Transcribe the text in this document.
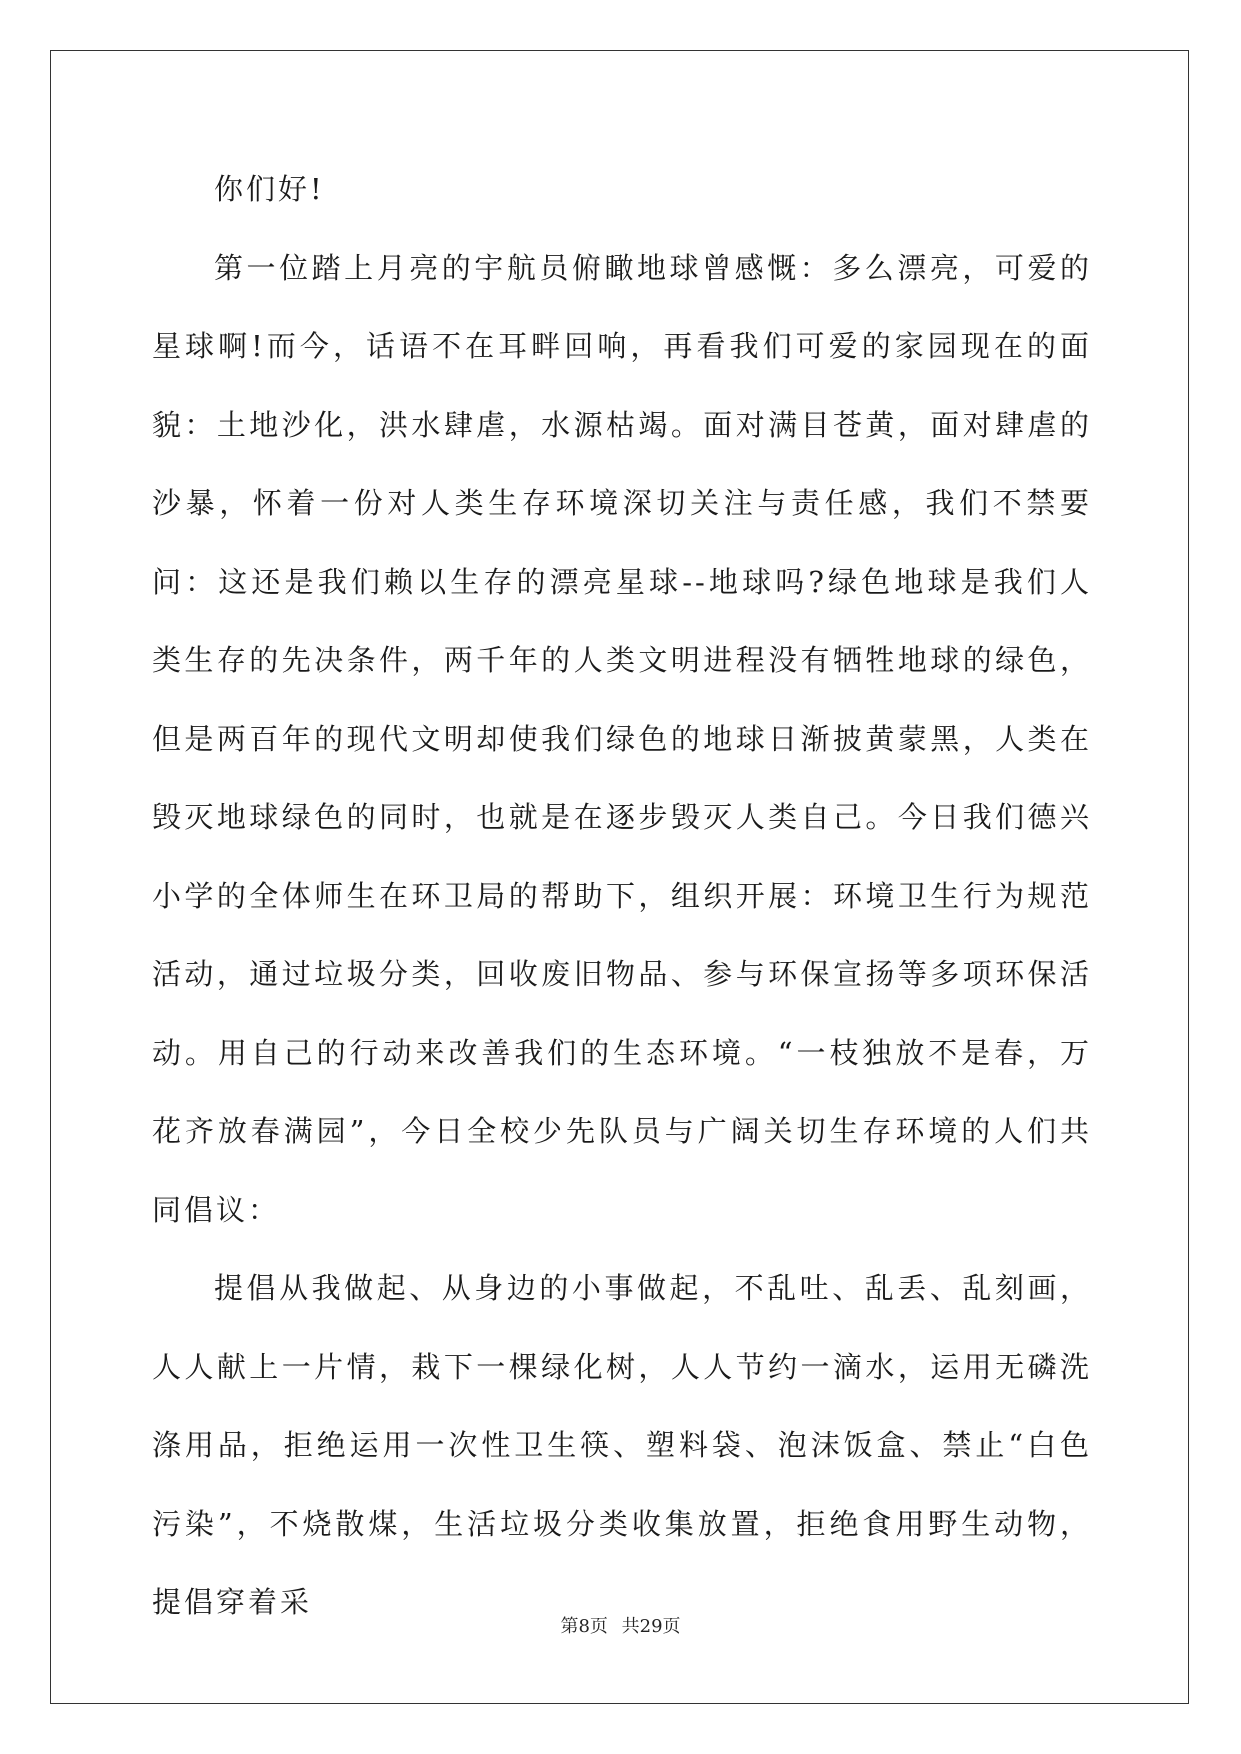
你们好!

第一位踏上月亮的宇航员俯瞰地球曾感慨：多么漂亮，可爱的星球啊!而今，话语不在耳畔回响，再看我们可爱的家园现在的面貌：土地沙化，洪水肆虐，水源枯竭。面对满目苍黄，面对肆虐的沙暴，怀着一份对人类生存环境深切关注与责任感，我们不禁要问：这还是我们赖以生存的漂亮星球--地球吗?绿色地球是我们人类生存的先决条件，两千年的人类文明进程没有牺牲地球的绿色，但是两百年的现代文明却使我们绿色的地球日渐披黄蒙黑，人类在毁灭地球绿色的同时，也就是在逐步毁灭人类自己。今日我们德兴小学的全体师生在环卫局的帮助下，组织开展：环境卫生行为规范活动，通过垃圾分类，回收废旧物品、参与环保宣扬等多项环保活动。用自己的行动来改善我们的生态环境。“一枝独放不是春，万花齐放春满园”，今日全校少先队员与广阔关切生存环境的人们共同倡议：

提倡从我做起、从身边的小事做起，不乱吐、乱丢、乱刻画，人人献上一片情，栽下一棵绿化树，人人节约一滴水，运用无磷洗涤用品，拒绝运用一次性卫生筷、塑料袋、泡沫饭盒、禁止“白色污染”，不烧散煤，生活垃圾分类收集放置，拒绝食用野生动物，提倡穿着采

第8页 共29页
